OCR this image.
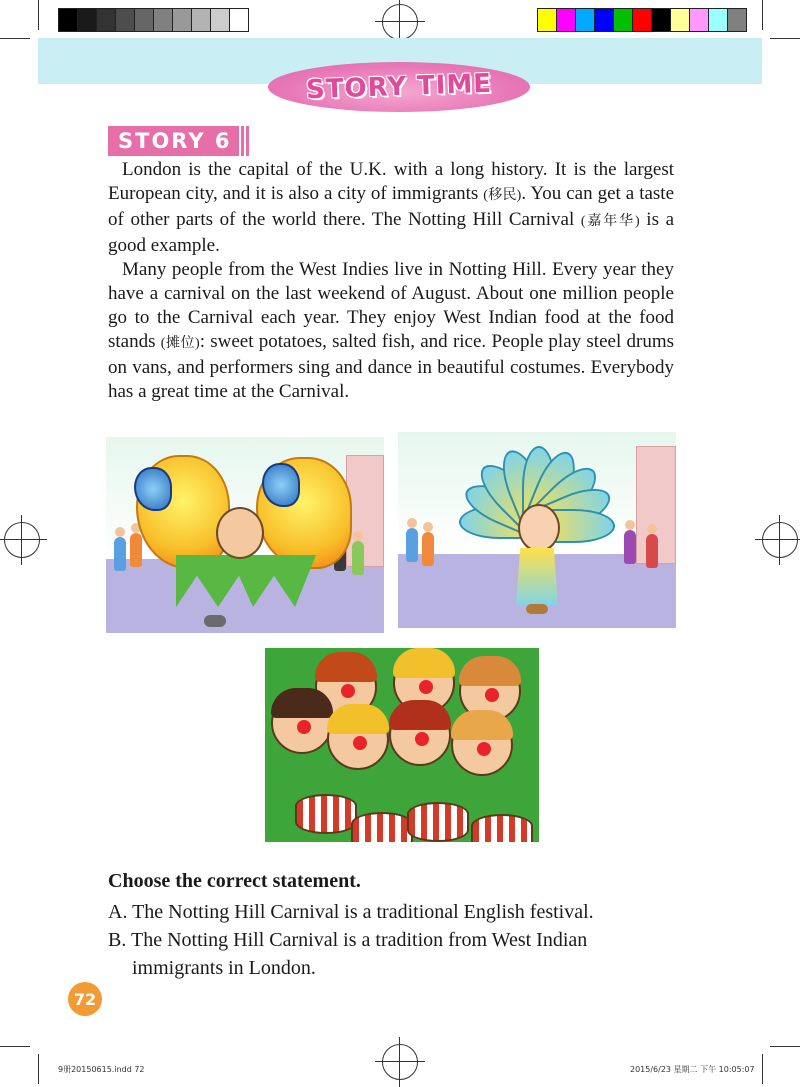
STORY TIME
STORY 6

London is the capital of the U.K. with a long history. It is the largest European city, and it is also a city of immigrants (移民). You can get a taste of other parts of the world there. The Notting Hill Carnival (嘉年华) is a good example.

Many people from the West Indies live in Notting Hill. Every year they have a carnival on the last weekend of August. About one million people go to the Carnival each year. They enjoy West Indian food at the food stands (摊位): sweet potatoes, salted fish, and rice. People play steel drums on vans, and performers sing and dance in beautiful costumes. Everybody has a great time at the Carnival.

Choose the correct statement.
A. The Notting Hill Carnival is a traditional English festival.
B. The Notting Hill Carnival is a tradition from West Indian
immigrants in London.
72
9册20150615.indd 72	2015/6/23 星期二 下午 10:05:07
